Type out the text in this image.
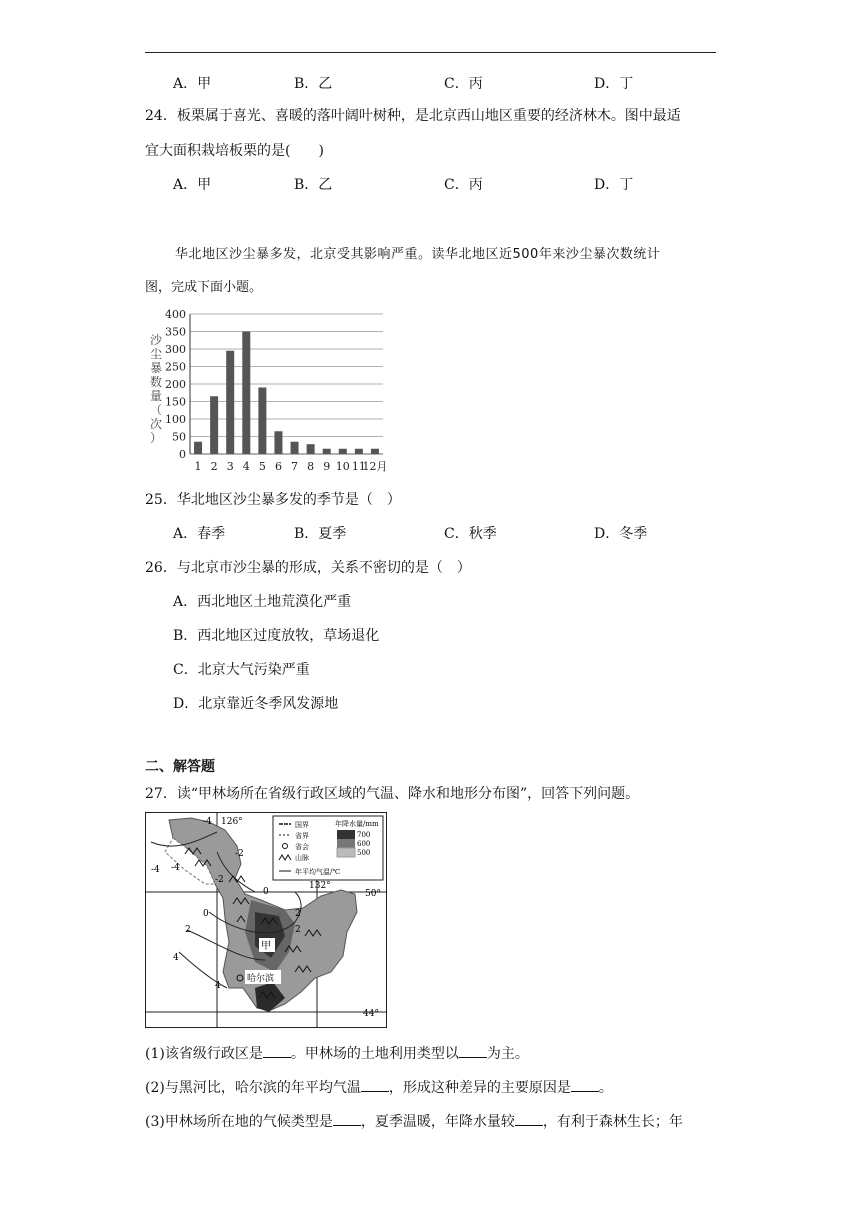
A．甲	B．乙	C．丙	D．丁
24．板栗属于喜光、喜暖的落叶阔叶树种，是北京西山地区重要的经济林木。图中最适
宜大面积栽培板栗的是(　　)
A．甲	B．乙	C．丙	D．丁
华北地区沙尘暴多发，北京受其影响严重。读华北地区近500年来沙尘暴次数统计
图，完成下面小题。
0
50
100
150
200
250
300
350
400
1 2 3 4 5 6 7 8 9 10 11
12月
沙尘暴数量（次）
25．华北地区沙尘暴多发的季节是（　）
A．春季	B．夏季	C．秋季	D．冬季
26．与北京市沙尘暴的形成，关系不密切的是（　）
A．西北地区土地荒漠化严重
B．西北地区过度放牧，草场退化
C．北京大气污染严重
D．北京靠近冬季风发源地
二、解答题
27．读“甲林场所在省级行政区域的气温、降水和地形分布图”，回答下列问题。
国界
省界
省会
山脉
年平均气温/℃
年降水量/mm
700
600
500
126°
132°
50°
44°
-4
-2
-4
-2
0
0
2
2
4
4
2
-4
甲
哈尔滨
(1)该省级行政区是 。甲林场的土地利用类型以 为主。
(2)与黑河比，哈尔滨的年平均气温 ，形成这种差异的主要原因是 。
(3)甲林场所在地的气候类型是 ，夏季温暖，年降水量较 ，有利于森林生长；年
